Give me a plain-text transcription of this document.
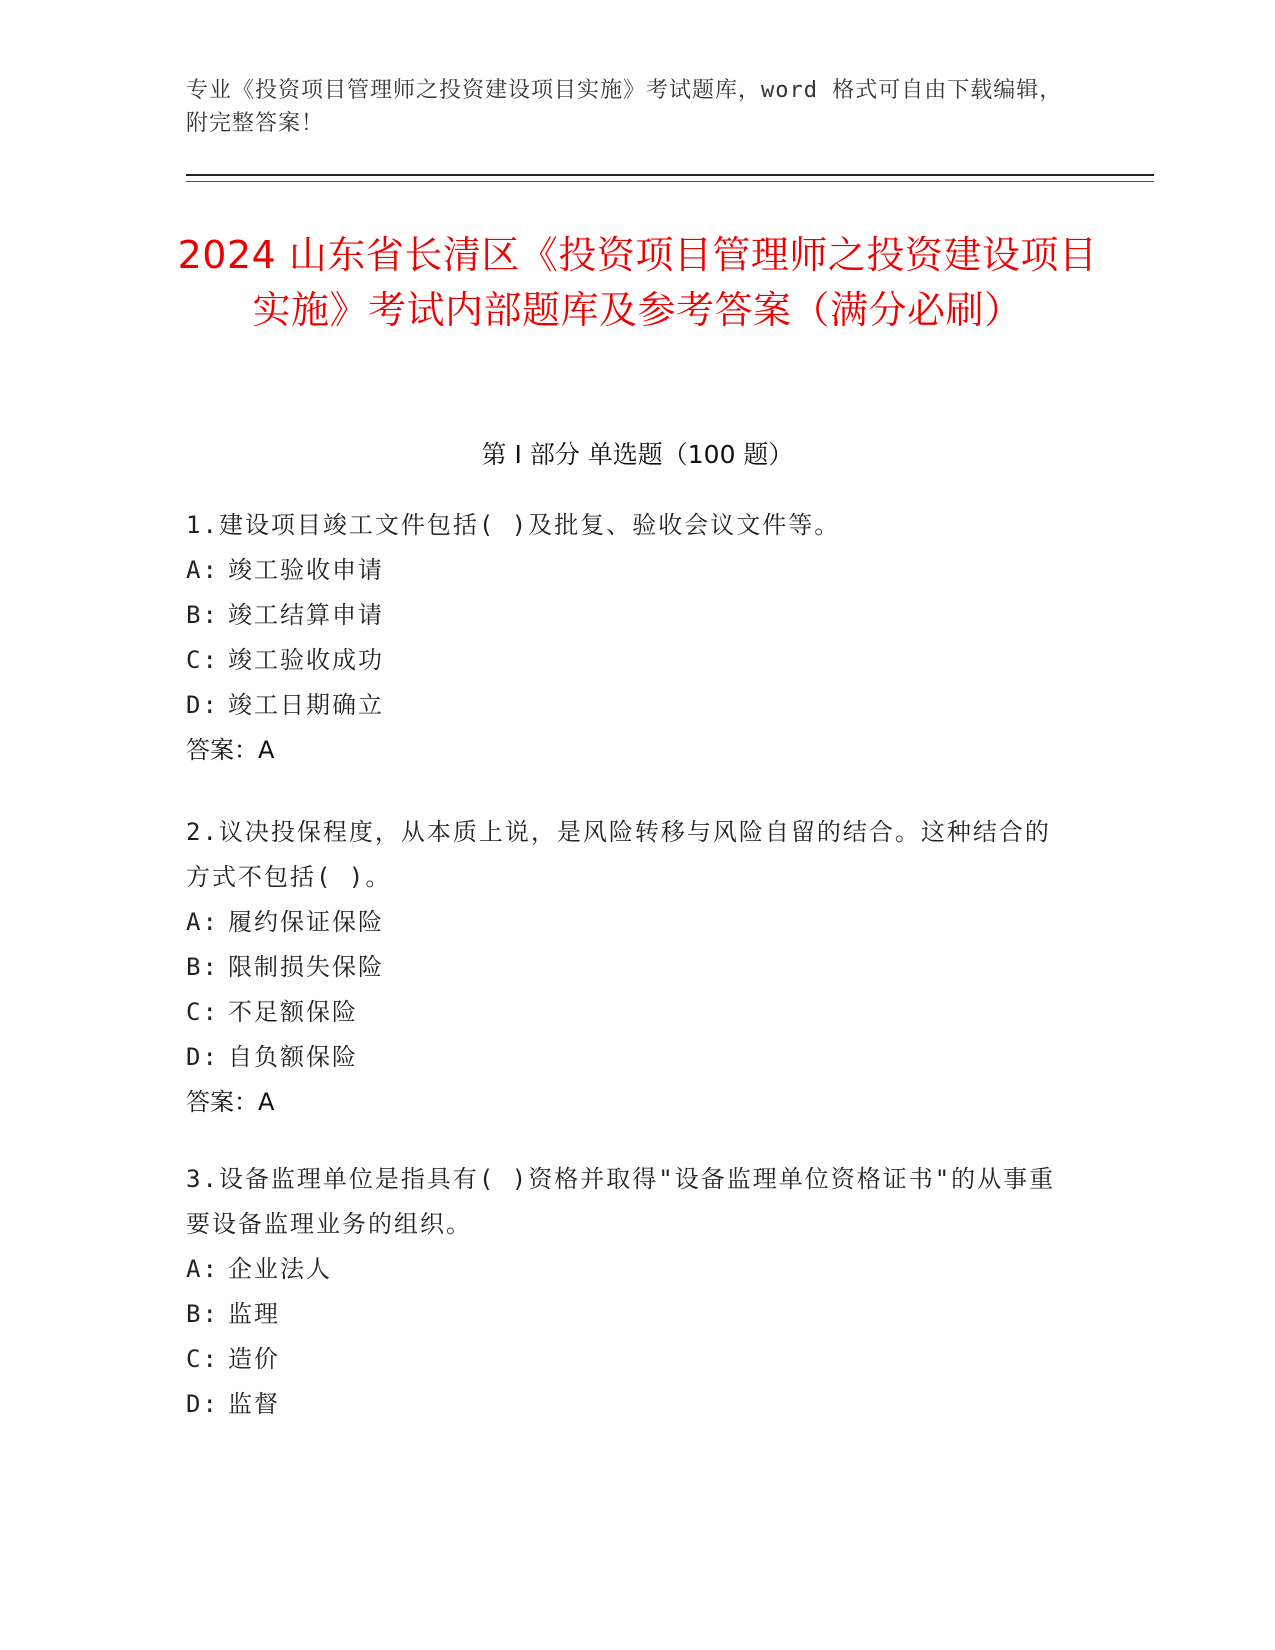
专业《投资项目管理师之投资建设项目实施》考试题库，word 格式可自由下载编辑，附完整答案！
2024 山东省长清区《投资项目管理师之投资建设项目实施》考试内部题库及参考答案（满分必刷）
第 I 部分 单选题（100 题）

1.建设项目竣工文件包括( )及批复、验收会议文件等。

A: 竣工验收申请

B: 竣工结算申请

C: 竣工验收成功

D: 竣工日期确立

答案：A

2.议决投保程度，从本质上说，是风险转移与风险自留的结合。这种结合的方式不包括( )。

A: 履约保证保险

B: 限制损失保险

C: 不足额保险

D: 自负额保险

答案：A

3.设备监理单位是指具有( )资格并取得"设备监理单位资格证书"的从事重要设备监理业务的组织。

A: 企业法人

B: 监理

C: 造价

D: 监督
